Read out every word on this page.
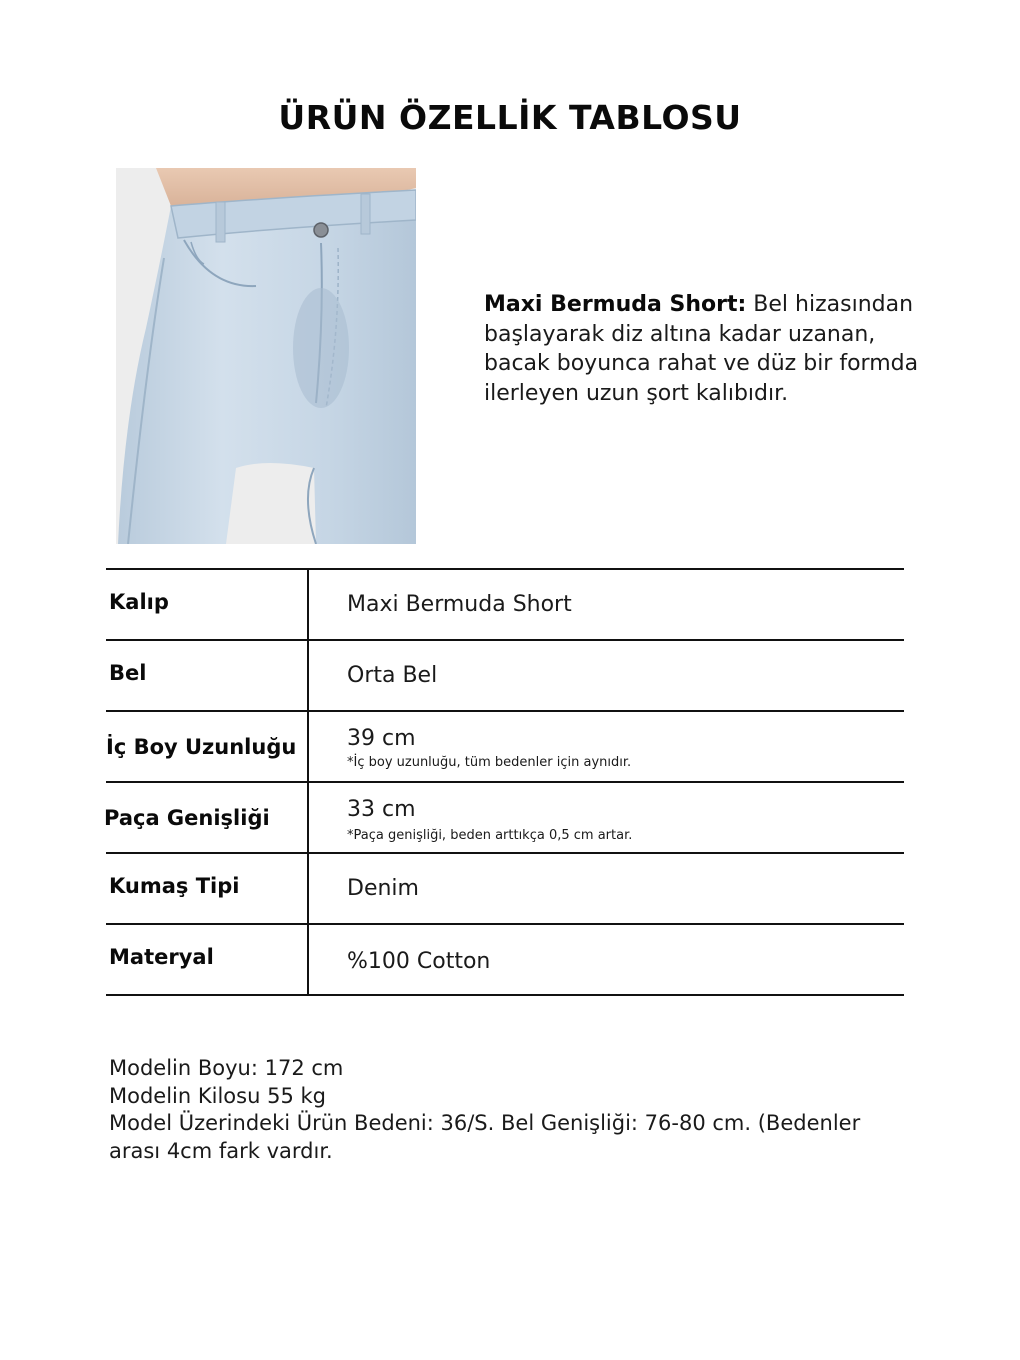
ÜRÜN ÖZELLİK TABLOSU
Maxi Bermuda Short: Bel hizasından başlayarak diz altına kadar uzanan, bacak boyunca rahat ve düz bir formda ilerleyen uzun şort kalıbıdır.
Kalıp	Maxi Bermuda Short
Bel	Orta Bel
İç Boy Uzunluğu 39 cm
*İç boy uzunluğu, tüm bedenler için aynıdır.
Paça Genişliği	33 cm
*Paça genişliği, beden arttıkça 0,5 cm artar.
Kumaş Tipi	Denim
Materyal	%100 Cotton
Modelin Boyu: 172 cm
Modelin Kilosu 55 kg
Model Üzerindeki Ürün Bedeni: 36/S. Bel Genişliği: 76-80 cm. (Bedenler arası 4cm fark vardır.
